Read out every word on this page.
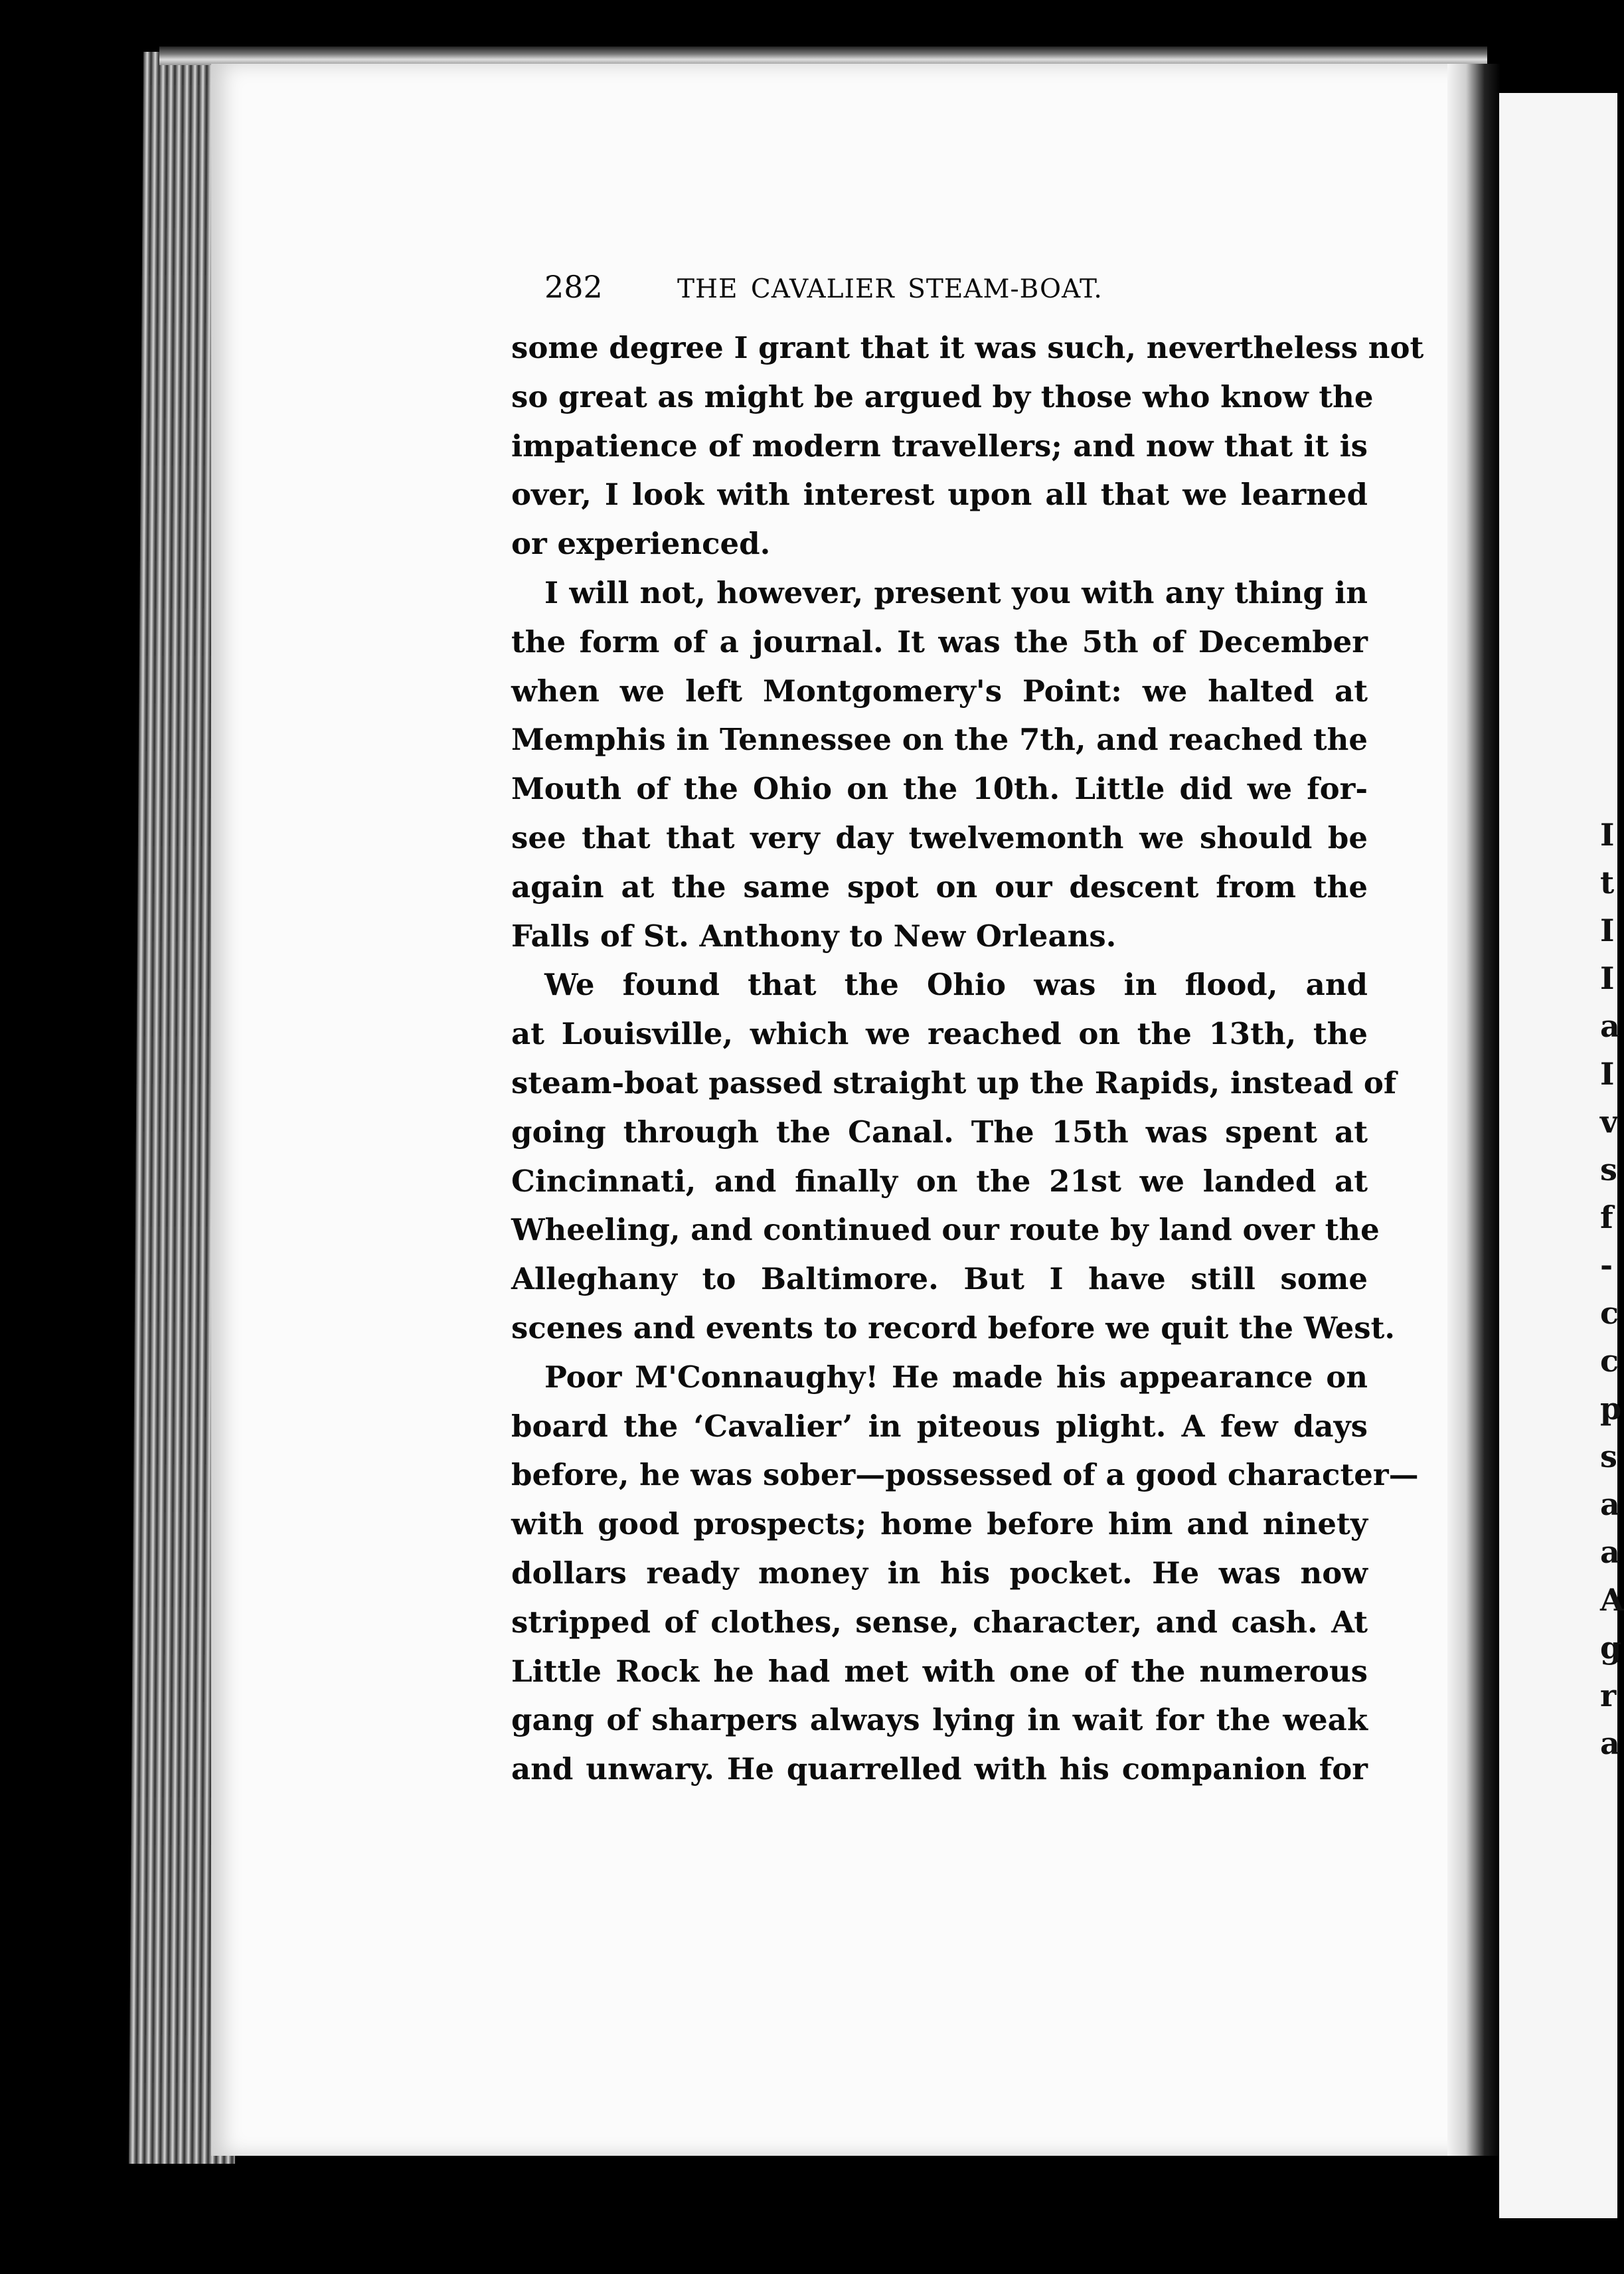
I
t
I
I
a
I
v
s
f
-
c
c
p
s
a
a
A
g
r
a
282	THE CAVALIER STEAM-BOAT.
some degree I grant that it was such, nevertheless not
so great as might be argued by those who know the
impatience of modern travellers; and now that it is
over, I look with interest upon all that we learned
or experienced.
I will not, however, present you with any thing in
the form of a journal. It was the 5th of December
when we left Montgomery's Point: we halted at
Memphis in Tennessee on the 7th, and reached the
Mouth of the Ohio on the 10th. Little did we for-
see that that very day twelvemonth we should be
again at the same spot on our descent from the
Falls of St. Anthony to New Orleans.
We found that the Ohio was in flood, and
at Louisville, which we reached on the 13th, the
steam-boat passed straight up the Rapids, instead of
going through the Canal. The 15th was spent at
Cincinnati, and finally on the 21st we landed at
Wheeling, and continued our route by land over the
Alleghany to Baltimore. But I have still some
scenes and events to record before we quit the West.
Poor M'Connaughy! He made his appearance on
board the ‘Cavalier’ in piteous plight. A few days
before, he was sober—possessed of a good character—
with good prospects; home before him and ninety
dollars ready money in his pocket. He was now
stripped of clothes, sense, character, and cash. At
Little Rock he had met with one of the numerous
gang of sharpers always lying in wait for the weak
and unwary. He quarrelled with his companion for
